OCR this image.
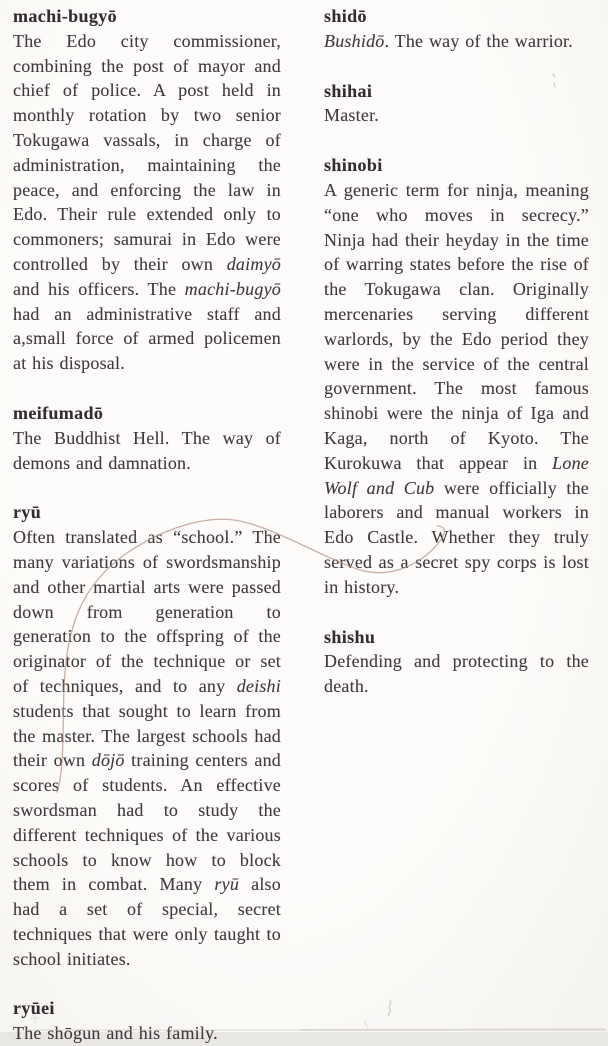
machi-bugyō

The Edo city commissioner, combining the post of mayor and chief of police. A post held in monthly rotation by two senior Tokugawa vassals, in charge of administration, maintaining the peace, and enforcing the law in Edo. Their rule extended only to commoners; samurai in Edo were controlled by their own daimyō and his officers. The machi-bugyō had an administrative staff and a,small force of armed policemen at his disposal.

meifumadō

The Buddhist Hell. The way of demons and damnation.

ryū

Often translated as “school.” The many variations of swordsmanship and other martial arts were passed down from generation to generation to the offspring of the originator of the technique or set of techniques, and to any deishi students that sought to learn from the master. The largest schools had their own dōjō training centers and scores of students. An effective swordsman had to study the different techniques of the various schools to know how to block them in combat. Many ryū also had a set of special, secret techniques that were only taught to school initiates.

ryūei

The shōgun and his family.

shidō

Bushidō. The way of the warrior.

shihai

Master.

shinobi

A generic term for ninja, meaning “one who moves in secrecy.” Ninja had their heyday in the time of warring states before the rise of the Tokugawa clan. Originally mercenaries serving different warlords, by the Edo period they were in the service of the central government. The most famous shinobi were the ninja of Iga and Kaga, north of Kyoto. The Kurokuwa that appear in Lone Wolf and Cub were officially the laborers and manual workers in Edo Castle. Whether they truly served as a secret spy corps is lost in history.

shishu

Defending and protecting to the death.
